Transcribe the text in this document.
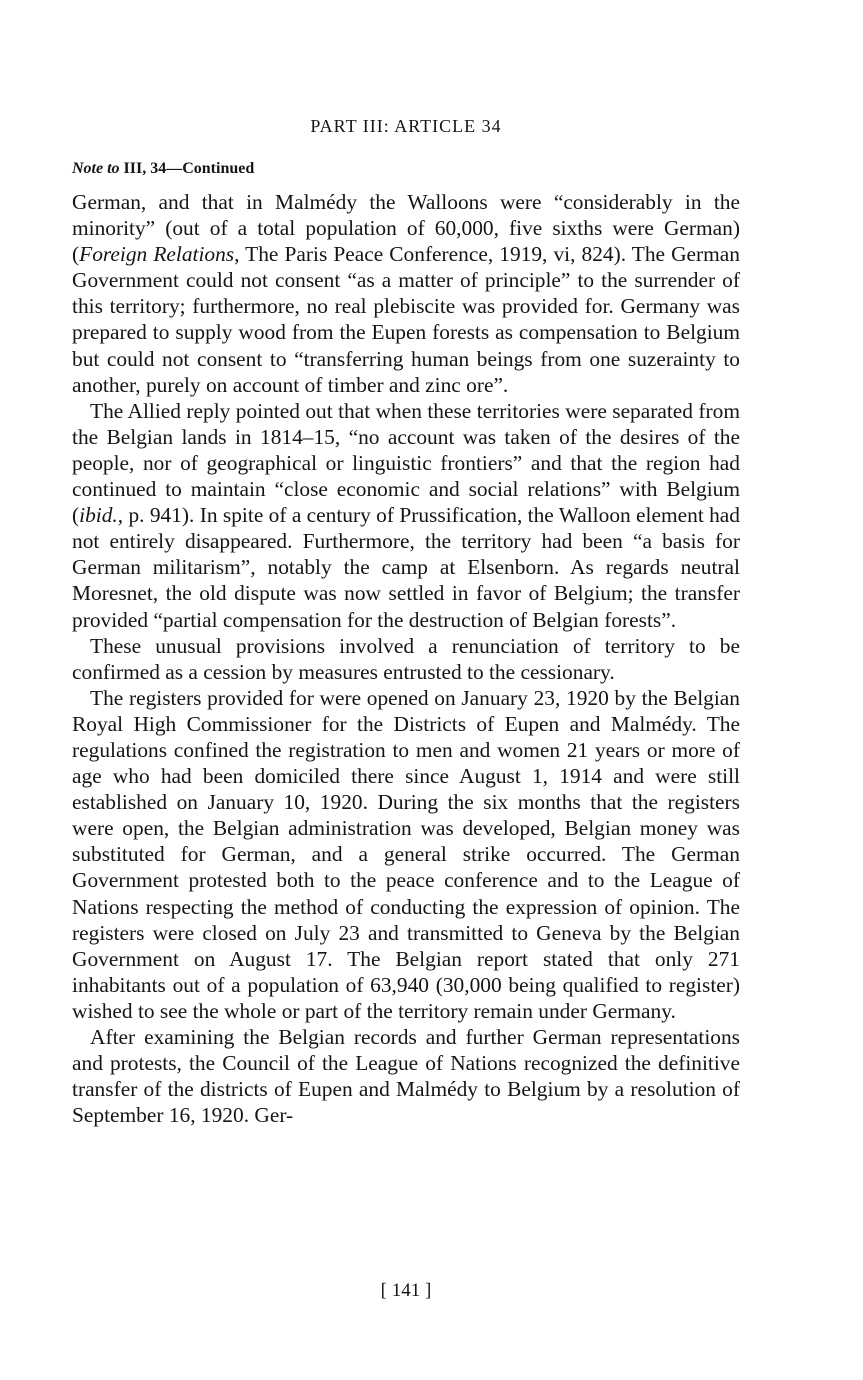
PART III: ARTICLE 34
Note to III, 34—Continued

German, and that in Malmédy the Walloons were “considerably in the minority” (out of a total population of 60,000, five sixths were German) (Foreign Relations, The Paris Peace Conference, 1919, vi, 824). The German Government could not consent “as a matter of principle” to the surrender of this territory; furthermore, no real plebiscite was provided for. Germany was prepared to supply wood from the Eupen forests as compensation to Belgium but could not consent to “transferring human beings from one suzerainty to another, purely on account of timber and zinc ore”.

The Allied reply pointed out that when these territories were separated from the Belgian lands in 1814–15, “no account was taken of the desires of the people, nor of geographical or linguistic frontiers” and that the region had continued to maintain “close economic and social relations” with Belgium (ibid., p. 941). In spite of a century of Prussification, the Walloon element had not entirely disappeared. Furthermore, the territory had been “a basis for German militarism”, notably the camp at Elsenborn. As regards neutral Moresnet, the old dispute was now settled in favor of Belgium; the transfer provided “partial compensation for the destruction of Belgian forests”.

These unusual provisions involved a renunciation of territory to be confirmed as a cession by measures entrusted to the cessionary.

The registers provided for were opened on January 23, 1920 by the Belgian Royal High Commissioner for the Districts of Eupen and Malmédy. The regulations confined the registration to men and women 21 years or more of age who had been domiciled there since August 1, 1914 and were still established on January 10, 1920. During the six months that the registers were open, the Belgian administration was developed, Belgian money was substituted for German, and a general strike occurred. The German Government protested both to the peace conference and to the League of Nations respecting the method of conducting the expression of opinion. The registers were closed on July 23 and transmitted to Geneva by the Belgian Government on August 17. The Belgian report stated that only 271 inhabitants out of a population of 63,940 (30,000 being qualified to register) wished to see the whole or part of the territory remain under Germany.

After examining the Belgian records and further German representations and protests, the Council of the League of Nations recognized the definitive transfer of the districts of Eupen and Malmédy to Belgium by a resolution of September 16, 1920. Ger-

[ 141 ]
